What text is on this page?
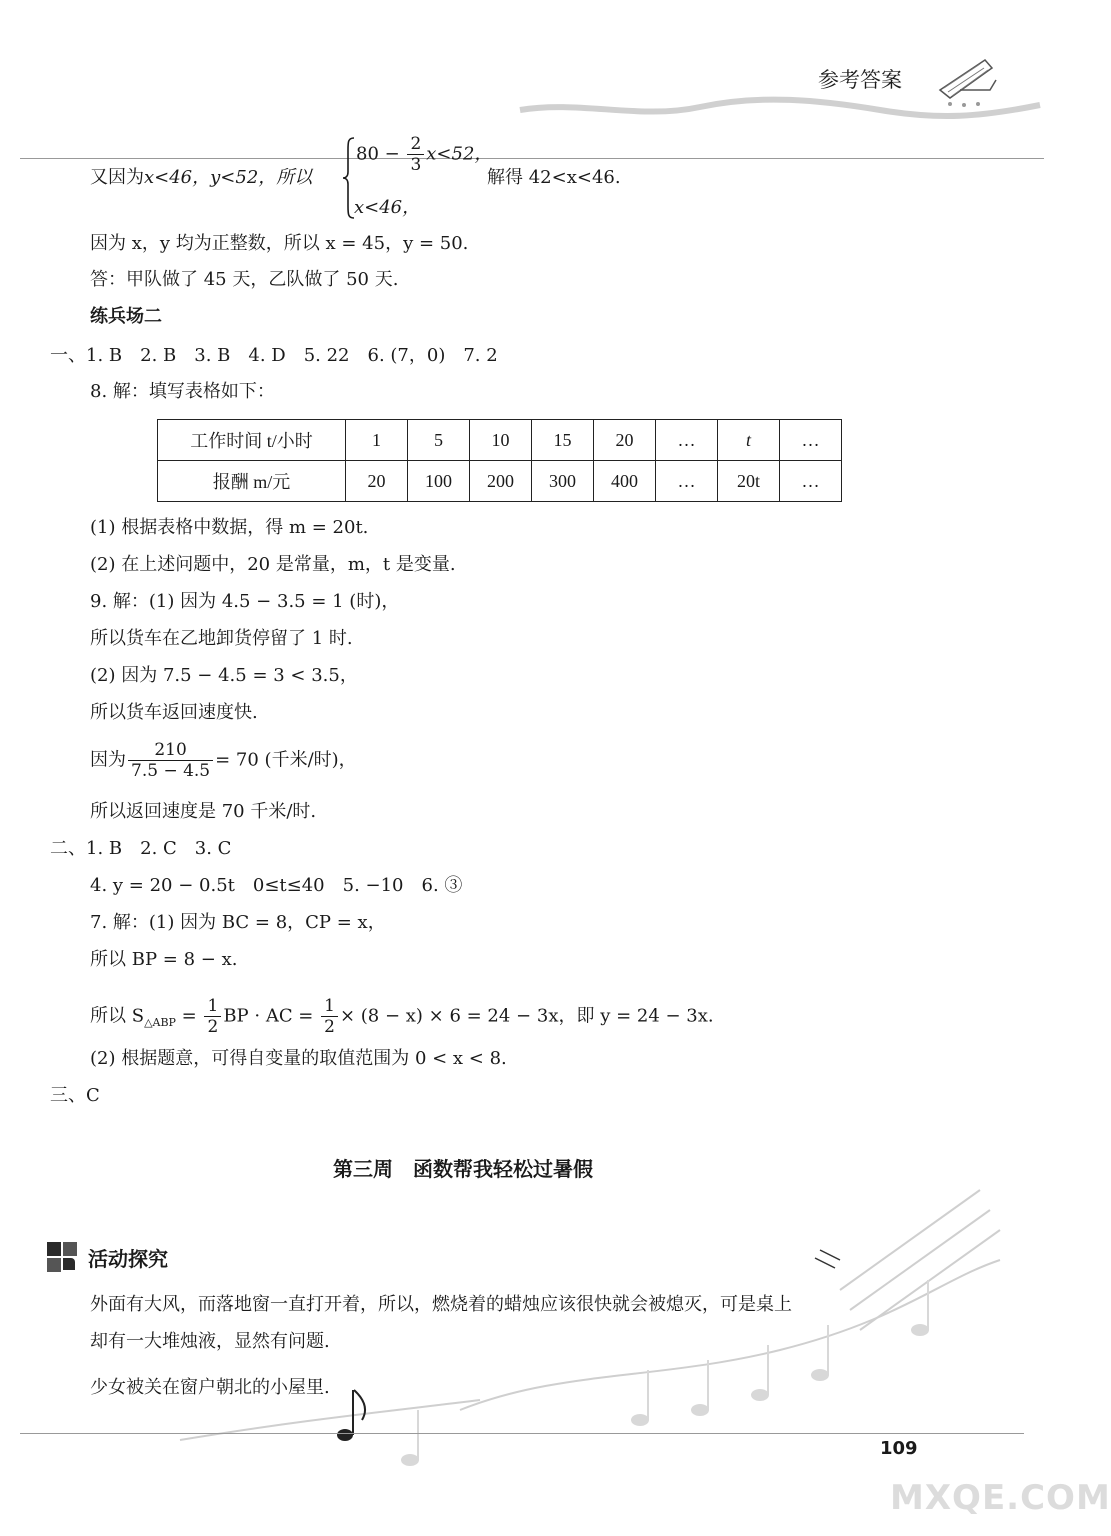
参考答案
又因为x<46，y<52，所以
$80 - \frac{2}{3} x<52$，
x<46，
解得 42<x<46.
因为 x，y 均为正整数，所以 x = 45，y = 50.
答：甲队做了 45 天，乙队做了 50 天.
练兵场二
一、1. B　2. B　3. B　4. D　5. 22　6. (7，0)　7. 2
8. 解：填写表格如下：
工作时间 t/小时	1	5	10	15	20	…	t	…
报酬 m/元	20	100	200	300	400	…	20t	…
(1) 根据表格中数据，得 m = 20t.
(2) 在上述问题中，20 是常量，m，t 是变量.
9. 解：(1) 因为 4.5 − 3.5 = 1 (时)，
所以货车在乙地卸货停留了 1 时.
(2) 因为 7.5 − 4.5 = 3 < 3.5，
所以货车返回速度快.
因为 $\frac{210}{7.5 - 4.5} = 70$ (千米/时)，
所以返回速度是 70 千米/时.
二、1. B　2. C　3. C
4. y = 20 − 0.5t　0≤t≤40　5. −10　6. ③
7. 解：(1) 因为 BC = 8，CP = x，
所以 BP = 8 − x.
所以 $S_{\triangle ABP} = \frac{1}{2}$ BP · AC = $\frac{1}{2} \times (8 - x) \times 6 = 24 - 3x$，即 y = 24 − 3x.
(2) 根据题意，可得自变量的取值范围为 0 < x < 8.
三、C
第三周　函数帮我轻松过暑假
活动探究
外面有大风，而落地窗一直打开着，所以，燃烧着的蜡烛应该很快就会被熄灭，可是桌上
却有一大堆烛液，显然有问题.
少女被关在窗户朝北的小屋里.
109
MXQE.COM
